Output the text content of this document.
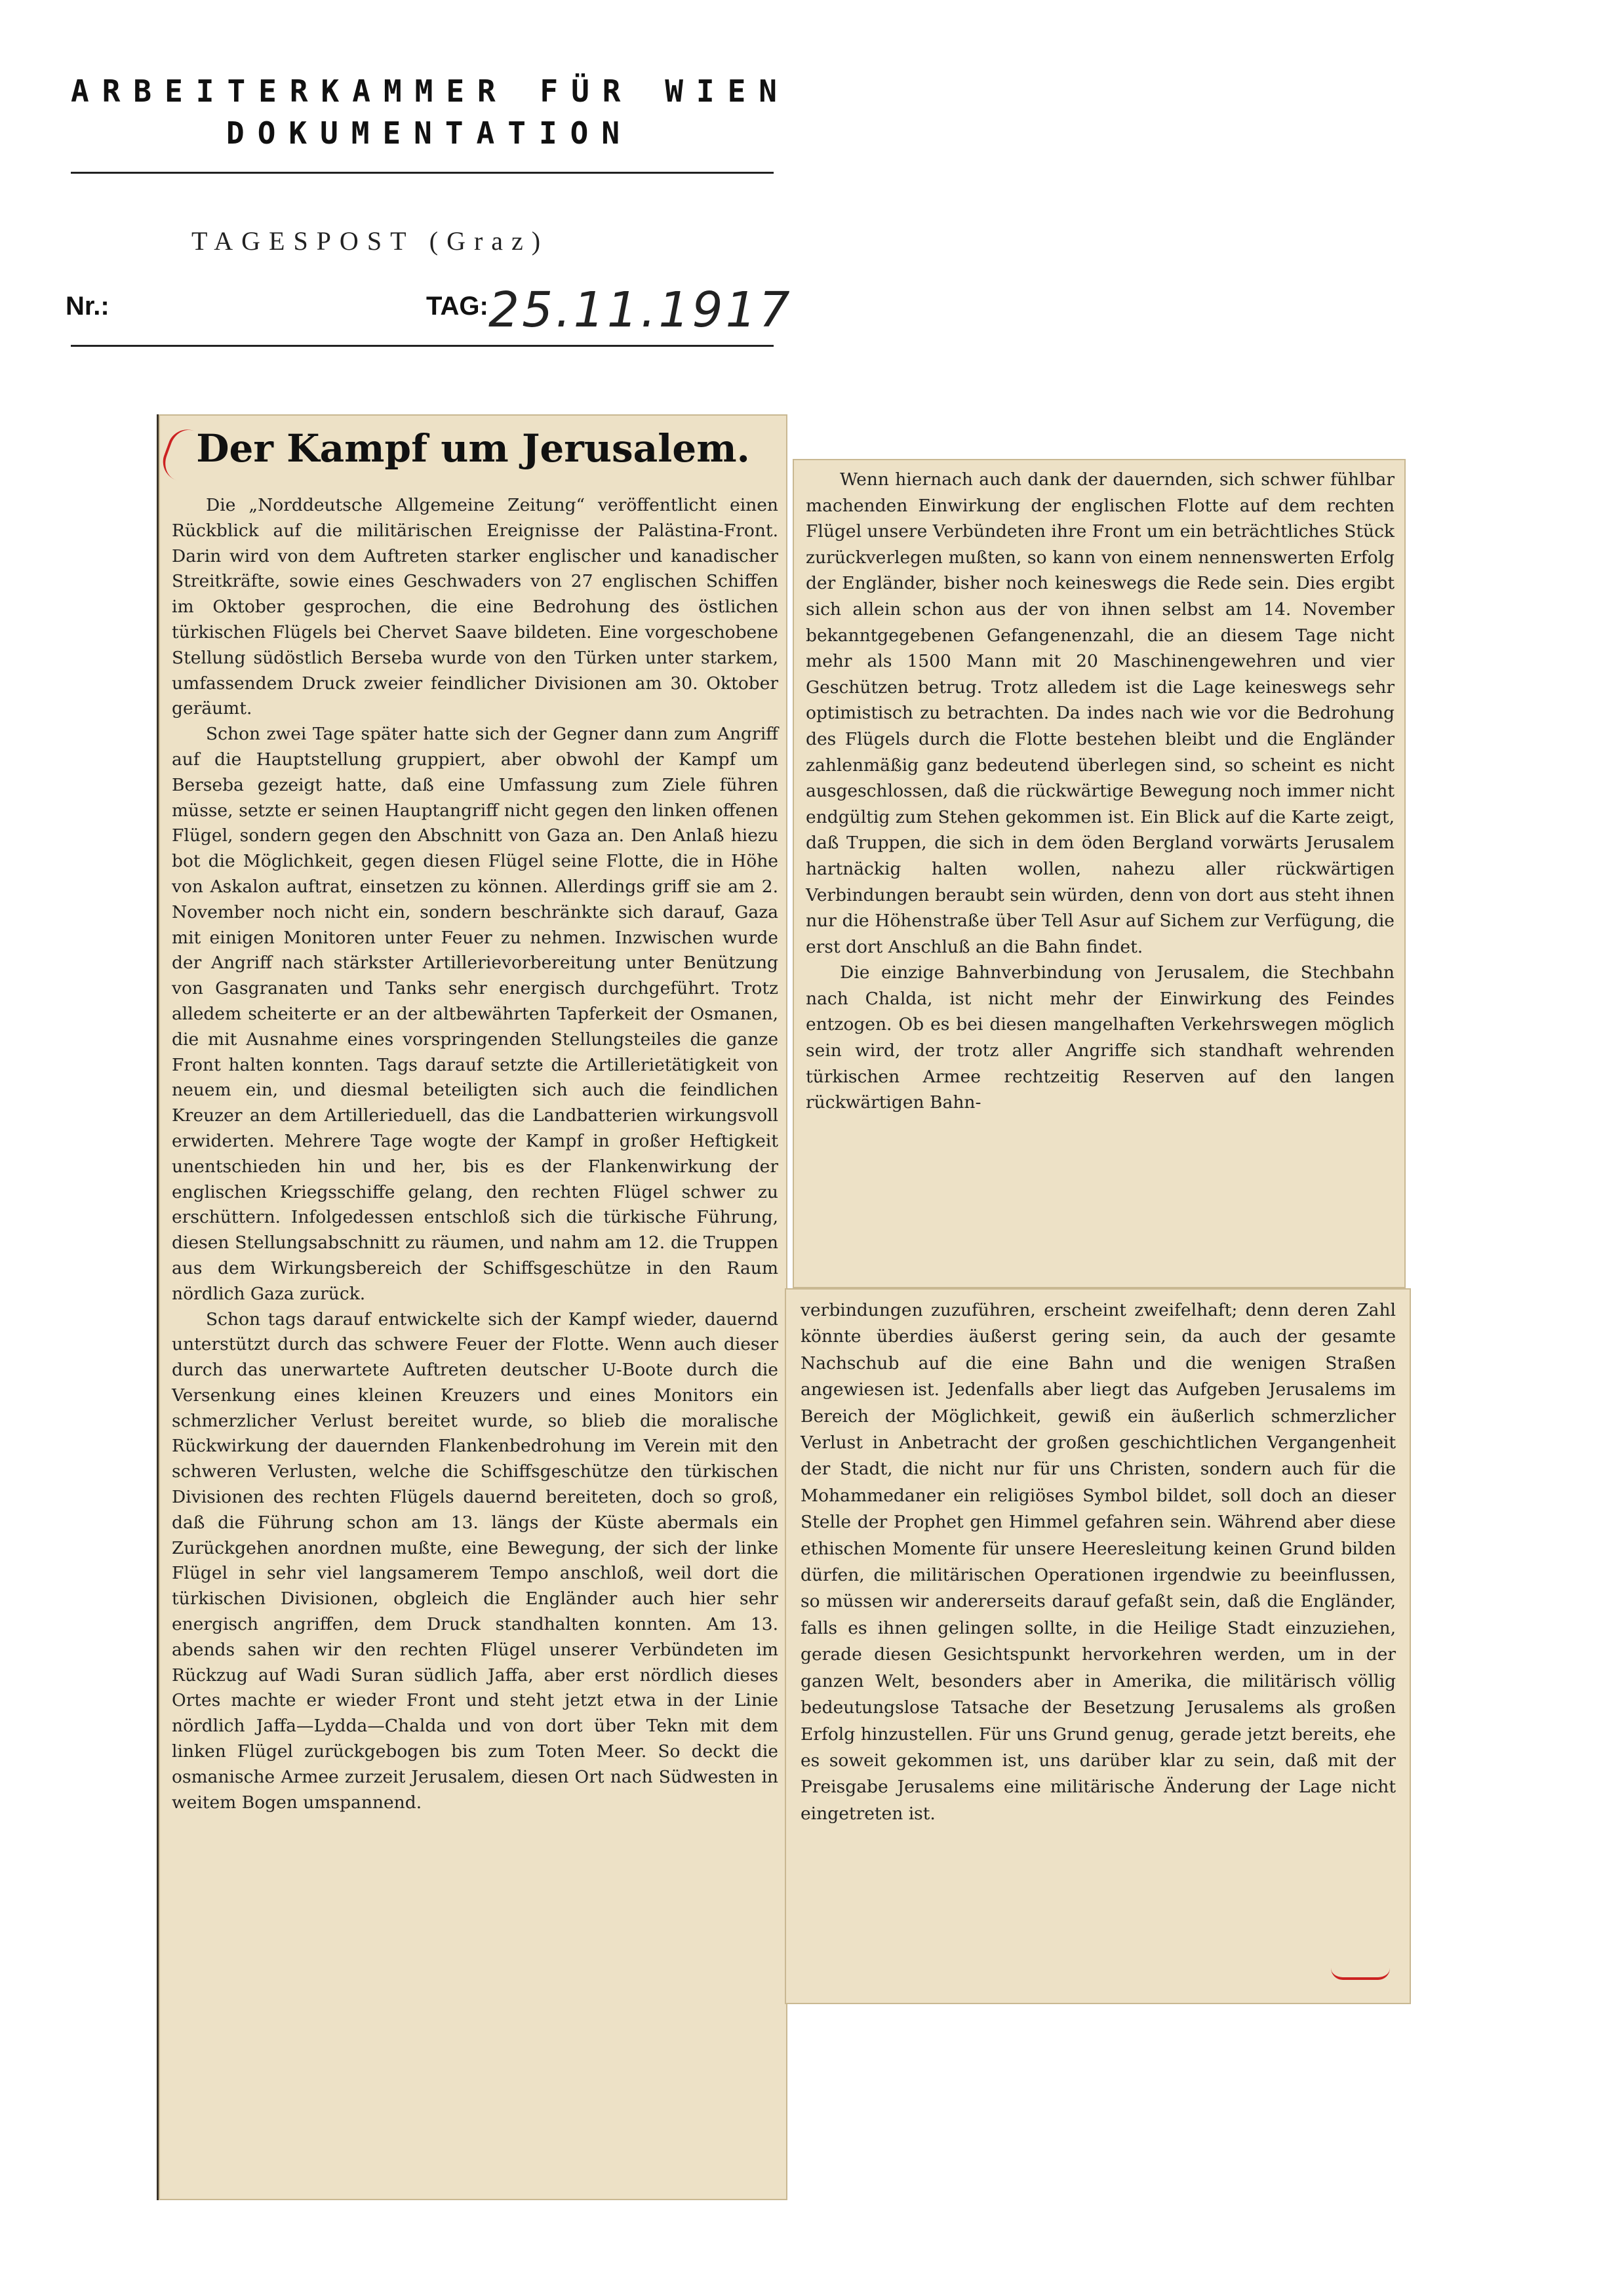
ARBEITERKAMMER FÜR WIEN
DOKUMENTATION
TAGESPOST (Graz)
Nr.:	TAG: 25.11.1917
Der Kampf um Jerusalem.

Die „Norddeutsche Allgemeine Zeitung“ veröffentlicht einen Rückblick auf die militärischen Ereignisse der Palästina-Front. Darin wird von dem Auftreten starker englischer und kanadischer Streitkräfte, sowie eines Geschwaders von 27 englischen Schiffen im Oktober gesprochen, die eine Bedrohung des östlichen türkischen Flügels bei Chervet Saave bildeten. Eine vorgeschobene Stellung südöstlich Berseba wurde von den Türken unter starkem, umfassendem Druck zweier feindlicher Divisionen am 30. Oktober geräumt.

Schon zwei Tage später hatte sich der Gegner dann zum Angriff auf die Hauptstellung gruppiert, aber obwohl der Kampf um Berseba gezeigt hatte, daß eine Umfassung zum Ziele führen müsse, setzte er seinen Hauptangriff nicht gegen den linken offenen Flügel, sondern gegen den Abschnitt von Gaza an. Den Anlaß hiezu bot die Möglichkeit, gegen diesen Flügel seine Flotte, die in Höhe von Askalon auftrat, einsetzen zu können. Allerdings griff sie am 2. November noch nicht ein, sondern beschränkte sich darauf, Gaza mit einigen Monitoren unter Feuer zu nehmen. Inzwischen wurde der Angriff nach stärkster Artillerievorbereitung unter Benützung von Gasgranaten und Tanks sehr energisch durchgeführt. Trotz alledem scheiterte er an der altbewährten Tapferkeit der Osmanen, die mit Ausnahme eines vorspringenden Stellungsteiles die ganze Front halten konnten. Tags darauf setzte die Artillerietätigkeit von neuem ein, und diesmal beteiligten sich auch die feindlichen Kreuzer an dem Artillerieduell, das die Landbatterien wirkungsvoll erwiderten. Mehrere Tage wogte der Kampf in großer Heftigkeit unentschieden hin und her, bis es der Flankenwirkung der englischen Kriegsschiffe gelang, den rechten Flügel schwer zu erschüttern. Infolgedessen entschloß sich die türkische Führung, diesen Stellungsabschnitt zu räumen, und nahm am 12. die Truppen aus dem Wirkungsbereich der Schiffsgeschütze in den Raum nördlich Gaza zurück.

Schon tags darauf entwickelte sich der Kampf wieder, dauernd unterstützt durch das schwere Feuer der Flotte. Wenn auch dieser durch das unerwartete Auftreten deutscher U-Boote durch die Versenkung eines kleinen Kreuzers und eines Monitors ein schmerzlicher Verlust bereitet wurde, so blieb die moralische Rückwirkung der dauernden Flankenbedrohung im Verein mit den schweren Verlusten, welche die Schiffsgeschütze den türkischen Divisionen des rechten Flügels dauernd bereiteten, doch so groß, daß die Führung schon am 13. längs der Küste abermals ein Zurückgehen anordnen mußte, eine Bewegung, der sich der linke Flügel in sehr viel langsamerem Tempo anschloß, weil dort die türkischen Divisionen, obgleich die Engländer auch hier sehr energisch angriffen, dem Druck standhalten konnten. Am 13. abends sahen wir den rechten Flügel unserer Verbündeten im Rückzug auf Wadi Suran südlich Jaffa, aber erst nördlich dieses Ortes machte er wieder Front und steht jetzt etwa in der Linie nördlich Jaffa—Lydda—Chalda und von dort über Tekn mit dem linken Flügel zurückgebogen bis zum Toten Meer. So deckt die osmanische Armee zurzeit Jerusalem, diesen Ort nach Südwesten in weitem Bogen umspannend.

Wenn hiernach auch dank der dauernden, sich schwer fühlbar machenden Einwirkung der englischen Flotte auf dem rechten Flügel unsere Verbündeten ihre Front um ein beträchtliches Stück zurückverlegen mußten, so kann von einem nennenswerten Erfolg der Engländer, bisher noch keineswegs die Rede sein. Dies ergibt sich allein schon aus der von ihnen selbst am 14. November bekanntgegebenen Gefangenenzahl, die an diesem Tage nicht mehr als 1500 Mann mit 20 Maschinengewehren und vier Geschützen betrug. Trotz alledem ist die Lage keineswegs sehr optimistisch zu betrachten. Da indes nach wie vor die Bedrohung des Flügels durch die Flotte bestehen bleibt und die Engländer zahlenmäßig ganz bedeutend überlegen sind, so scheint es nicht ausgeschlossen, daß die rückwärtige Bewegung noch immer nicht endgültig zum Stehen gekommen ist. Ein Blick auf die Karte zeigt, daß Truppen, die sich in dem öden Bergland vorwärts Jerusalem hartnäckig halten wollen, nahezu aller rückwärtigen Verbindungen beraubt sein würden, denn von dort aus steht ihnen nur die Höhenstraße über Tell Asur auf Sichem zur Verfügung, die erst dort Anschluß an die Bahn findet.

Die einzige Bahnverbindung von Jerusalem, die Stechbahn nach Chalda, ist nicht mehr der Einwirkung des Feindes entzogen. Ob es bei diesen mangelhaften Verkehrswegen möglich sein wird, der trotz aller Angriffe sich standhaft wehrenden türkischen Armee rechtzeitig Reserven auf den langen rückwärtigen Bahn-

verbindungen zuzuführen, erscheint zweifelhaft; denn deren Zahl könnte überdies äußerst gering sein, da auch der gesamte Nachschub auf die eine Bahn und die wenigen Straßen angewiesen ist. Jedenfalls aber liegt das Aufgeben Jerusalems im Bereich der Möglichkeit, gewiß ein äußerlich schmerzlicher Verlust in Anbetracht der großen geschichtlichen Vergangenheit der Stadt, die nicht nur für uns Christen, sondern auch für die Mohammedaner ein religiöses Symbol bildet, soll doch an dieser Stelle der Prophet gen Himmel gefahren sein. Während aber diese ethischen Momente für unsere Heeresleitung keinen Grund bilden dürfen, die militärischen Operationen irgendwie zu beeinflussen, so müssen wir andererseits darauf gefaßt sein, daß die Engländer, falls es ihnen gelingen sollte, in die Heilige Stadt einzuziehen, gerade diesen Gesichtspunkt hervorkehren werden, um in der ganzen Welt, besonders aber in Amerika, die militärisch völlig bedeutungslose Tatsache der Besetzung Jerusalems als großen Erfolg hinzustellen. Für uns Grund genug, gerade jetzt bereits, ehe es soweit gekommen ist, uns darüber klar zu sein, daß mit der Preisgabe Jerusalems eine militärische Änderung der Lage nicht eingetreten ist.
